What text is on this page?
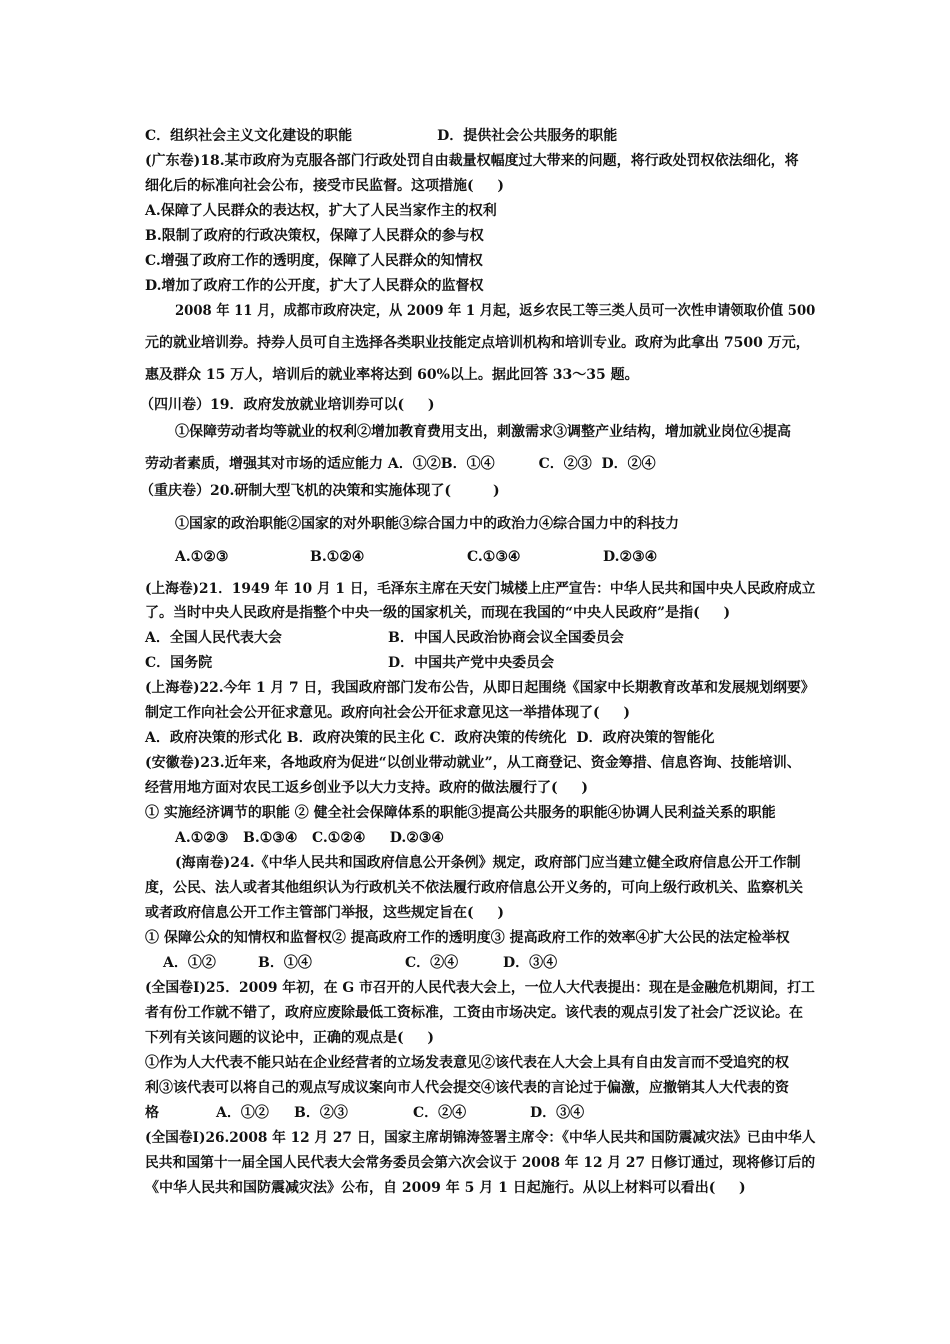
C．组织社会主义文化建设的职能	D．提供社会公共服务的职能
(广东卷)18.某市政府为克服各部门行政处罚自由裁量权幅度过大带来的问题，将行政处罚权依法细化，将
细化后的标准向社会公布，接受市民监督。这项措施(　  )
A.保障了人民群众的表达权，扩大了人民当家作主的权利
B.限制了政府的行政决策权，保障了人民群众的参与权
C.增强了政府工作的透明度，保障了人民群众的知情权
D.增加了政府工作的公开度，扩大了人民群众的监督权
2008 年 11 月，成都市政府决定，从 2009 年 1 月起，返乡农民工等三类人员可一次性申请领取价值 500
元的就业培训券。持券人员可自主选择各类职业技能定点培训机构和培训专业。政府为此拿出 7500 万元，
惠及群众 15 万人，培训后的就业率将达到 60%以上。据此回答 33～35 题。
（四川卷）19．政府发放就业培训券可以(　  )
①保障劳动者均等就业的权利②增加教育费用支出，刺激需求③调整产业结构，增加就业岗位④提高
劳动者素质，增强其对市场的适应能力 A．①②B．①④	C．②③  D．②④
（重庆卷）20.研制大型飞机的决策和实施体现了(　　　)
①国家的政治职能②国家的对外职能③综合国力中的政治力④综合国力中的科技力
A.①②③	B.①②④	C.①③④	D.②③④
(上海卷)21．1949 年 10 月 1 日，毛泽东主席在天安门城楼上庄严宣告：中华人民共和国中央人民政府成立
了。当时中央人民政府是指整个中央一级的国家机关，而现在我国的“中央人民政府”是指(　  )
A．全国人民代表大会	B．中国人民政治协商会议全国委员会
C．国务院	D．中国共产党中央委员会
(上海卷)22.今年 1 月 7 日，我国政府部门发布公告，从即日起围绕《国家中长期教育改革和发展规划纲要》
制定工作向社会公开征求意见。政府向社会公开征求意见这一举措体现了(　  )
A．政府决策的形式化 B．政府决策的民主化 C．政府决策的传统化  D．政府决策的智能化
(安徽卷)23.近年来，各地政府为促进“以创业带动就业”，从工商登记、资金筹措、信息咨询、技能培训、
经营用地方面对农民工返乡创业予以大力支持。政府的做法履行了(　  )
① 实施经济调节的职能 ② 健全社会保障体系的职能③提高公共服务的职能④协调人民利益关系的职能
A.①②③   B.①③④   C.①②④     D.②③④
(海南卷)24.《中华人民共和国政府信息公开条例》规定，政府部门应当建立健全政府信息公开工作制
度，公民、法人或者其他组织认为行政机关不依法履行政府信息公开义务的，可向上级行政机关、监察机关
或者政府信息公开工作主管部门举报，这些规定旨在(　  )
① 保障公众的知情权和监督权② 提高政府工作的透明度③ 提高政府工作的效率④扩大公民的法定检举权
A．①②	B．①④	C．②④	D．③④
(全国卷Ⅰ)25．2009 年初，在 G 市召开的人民代表大会上，一位人大代表提出：现在是金融危机期间，打工
者有份工作就不错了，政府应废除最低工资标准，工资由市场决定。该代表的观点引发了社会广泛议论。在
下列有关该问题的议论中，正确的观点是(　  )
①作为人大代表不能只站在企业经营者的立场发表意见②该代表在人大会上具有自由发言而不受追究的权
利③该代表可以将自己的观点写成议案向市人代会提交④该代表的言论过于偏激，应撤销其人大代表的资
格	A．①② B．②③	C．②④	D．③④
(全国卷Ⅰ)26.2008 年 12 月 27 日，国家主席胡锦涛签署主席令：《中华人民共和国防震减灾法》已由中华人
民共和国第十一届全国人民代表大会常务委员会第六次会议于 2008 年 12 月 27 日修订通过，现将修订后的
《中华人民共和国防震减灾法》公布，自 2009 年 5 月 1 日起施行。从以上材料可以看出(　  )
